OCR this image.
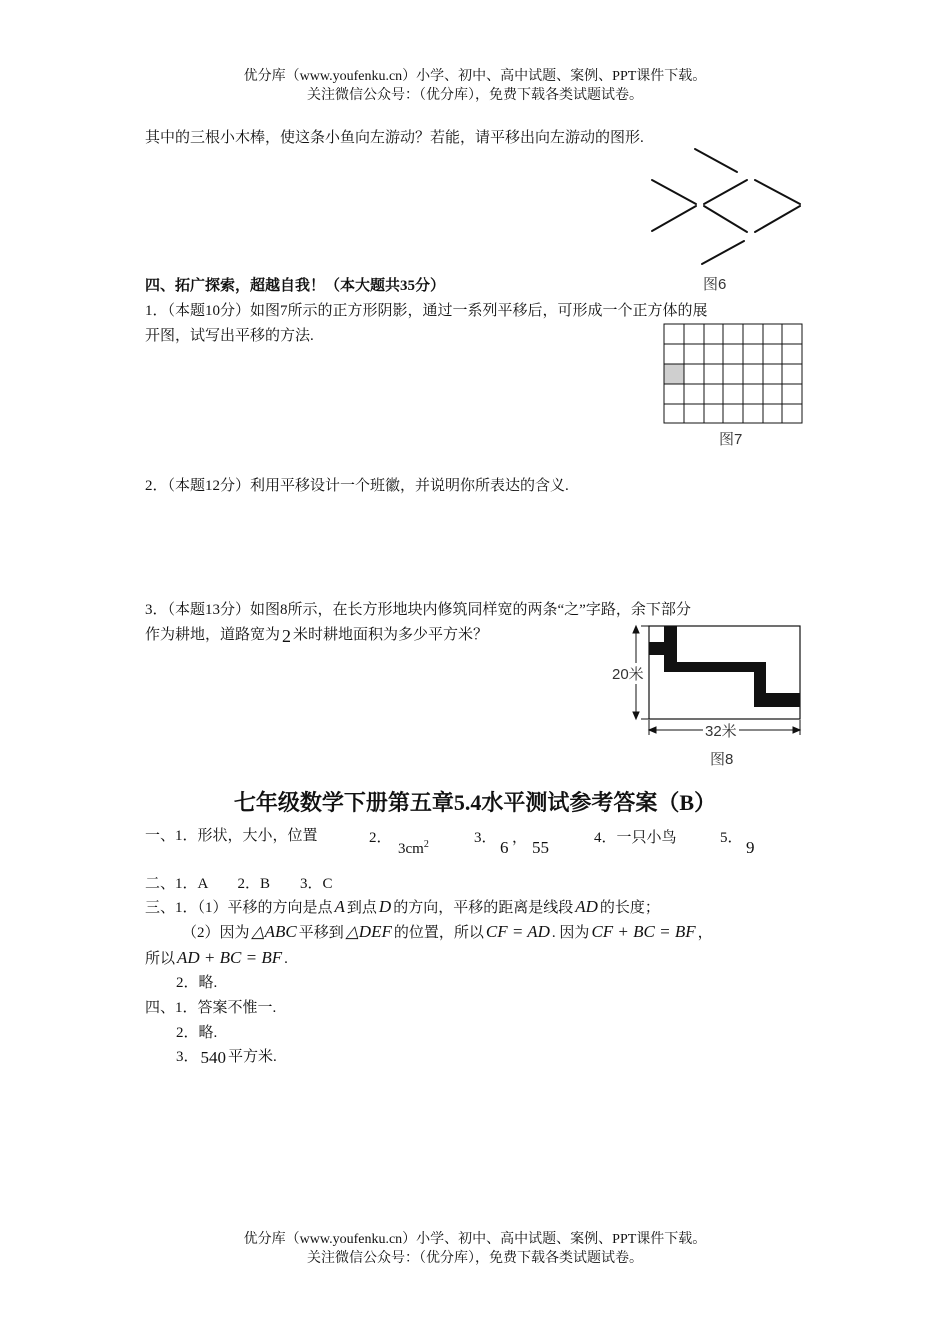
优分库（www.youfenku.cn）小学、初中、高中试题、案例、PPT课件下载。
关注微信公众号：（优分库），免费下载各类试题试卷。
其中的三根小木棒，使这条小鱼向左游动？若能，请平移出向左游动的图形.
图6
四、拓广探索，超越自我！（本大题共35分）
1．（本题10分）如图7所示的正方形阴影，通过一系列平移后，可形成一个正方体的展
开图，试写出平移的方法.
图7
2．（本题12分）利用平移设计一个班徽，并说明你所表达的含义.
3．（本题13分）如图8所示，在长方形地块内修筑同样宽的两条“之”字路，余下部分
作为耕地，道路宽为 2 米时耕地面积为多少平方米？
20米
32米
图8
七年级数学下册第五章5.4水平测试参考答案（B）
一、1．形状，大小，位置	2．
$3cm^2$	3． 6 ， 55	4．一只小鸟	5． 9
二、1．A　　2．B　　3．C
三、1．（1）平移的方向是点 A 到点 D 的方向，平移的距离是线段 AD 的长度；
（2）因为 △ABC 平移到 △DEF 的位置，所以 CF = AD . 因为 CF + BC = BF ，
所以 AD + BC = BF .
2．略.
四、1．答案不惟一.
2．略.
3． 540 平方米.
优分库（www.youfenku.cn）小学、初中、高中试题、案例、PPT课件下载。
关注微信公众号：（优分库），免费下载各类试题试卷。
